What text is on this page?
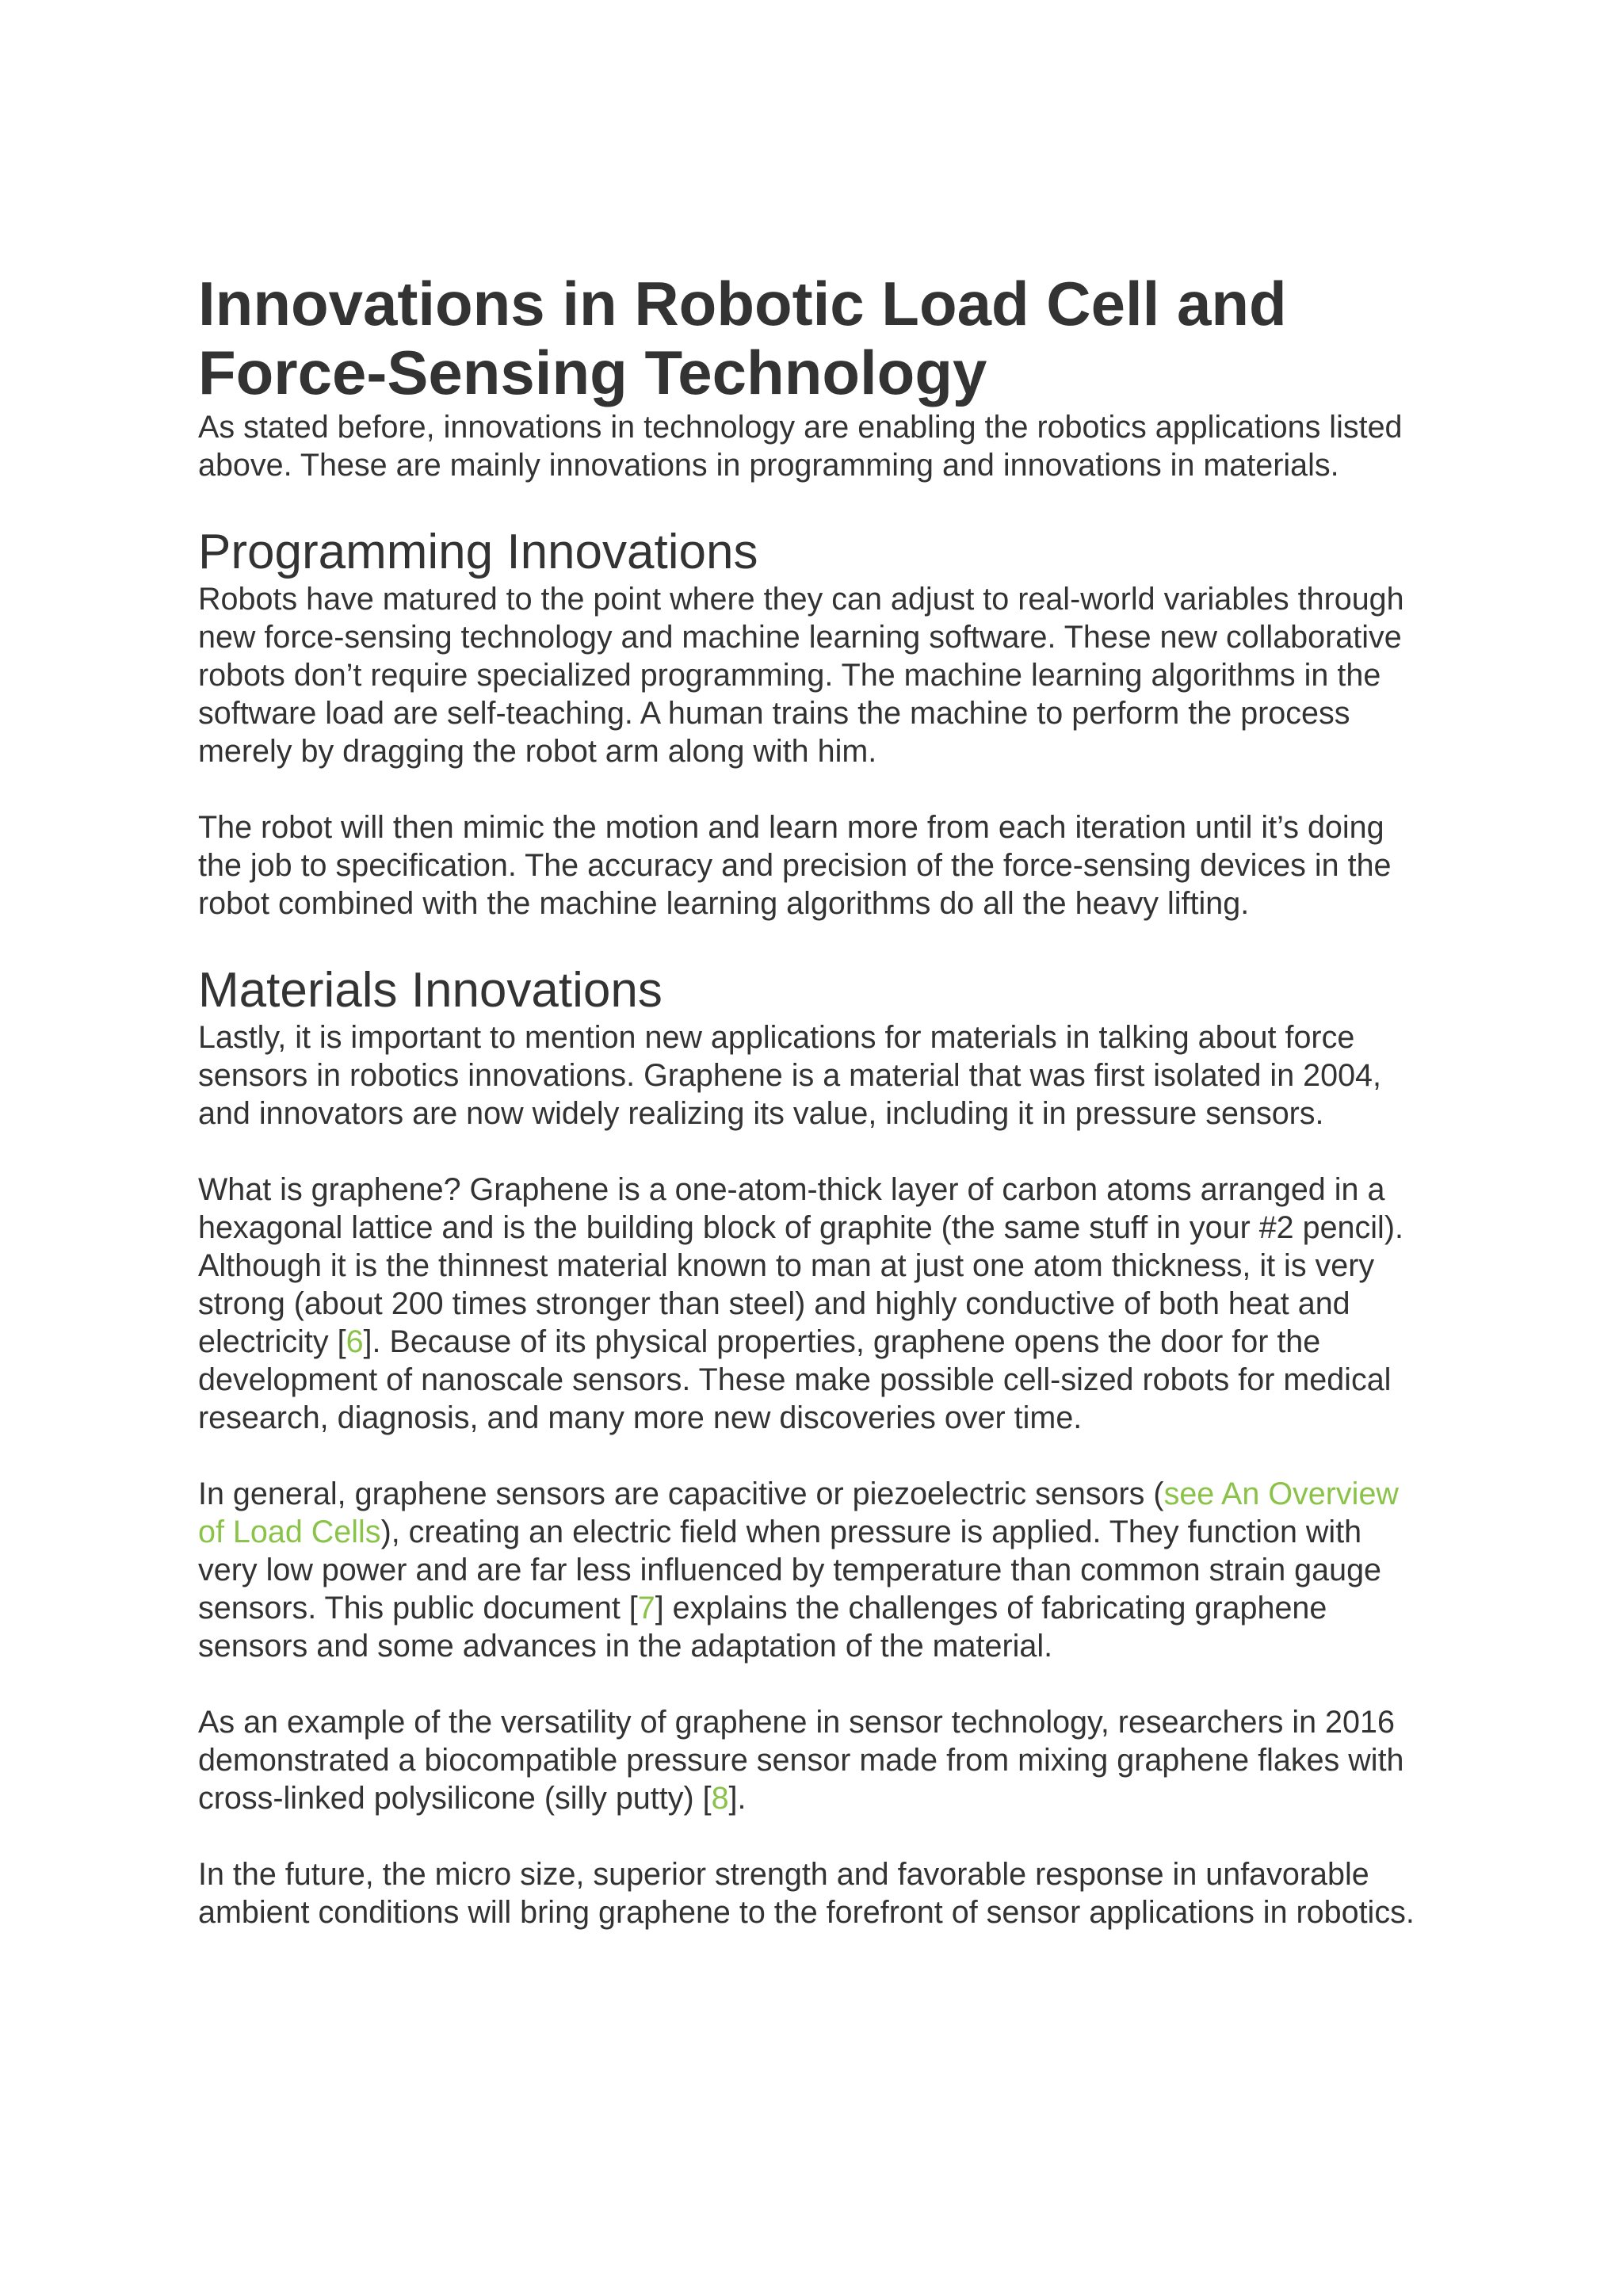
Innovations in Robotic Load Cell and Force-Sensing Technology

As stated before, innovations in technology are enabling the robotics applications listed above. These are mainly innovations in programming and innovations in materials.

Programming Innovations

Robots have matured to the point where they can adjust to real-world variables through new force-sensing technology and machine learning software. These new collaborative robots don’t require specialized programming. The machine learning algorithms in the software load are self-teaching. A human trains the machine to perform the process merely by dragging the robot arm along with him.

The robot will then mimic the motion and learn more from each iteration until it’s doing the job to specification. The accuracy and precision of the force-sensing devices in the robot combined with the machine learning algorithms do all the heavy lifting.

Materials Innovations

Lastly, it is important to mention new applications for materials in talking about force sensors in robotics innovations. Graphene is a material that was first isolated in 2004, and innovators are now widely realizing its value, including it in pressure sensors.

What is graphene? Graphene is a one-atom-thick layer of carbon atoms arranged in a hexagonal lattice and is the building block of graphite (the same stuff in your #2 pencil). Although it is the thinnest material known to man at just one atom thickness, it is very strong (about 200 times stronger than steel) and highly conductive of both heat and electricity [6]. Because of its physical properties, graphene opens the door for the development of nanoscale sensors. These make possible cell-sized robots for medical research, diagnosis, and many more new discoveries over time.

In general, graphene sensors are capacitive or piezoelectric sensors (see An Overview of Load Cells), creating an electric field when pressure is applied. They function with very low power and are far less influenced by temperature than common strain gauge sensors. This public document [7] explains the challenges of fabricating graphene sensors and some advances in the adaptation of the material.

As an example of the versatility of graphene in sensor technology, researchers in 2016 demonstrated a biocompatible pressure sensor made from mixing graphene flakes with cross-linked polysilicone (silly putty) [8].

In the future, the micro size, superior strength and favorable response in unfavorable ambient conditions will bring graphene to the forefront of sensor applications in robotics.
